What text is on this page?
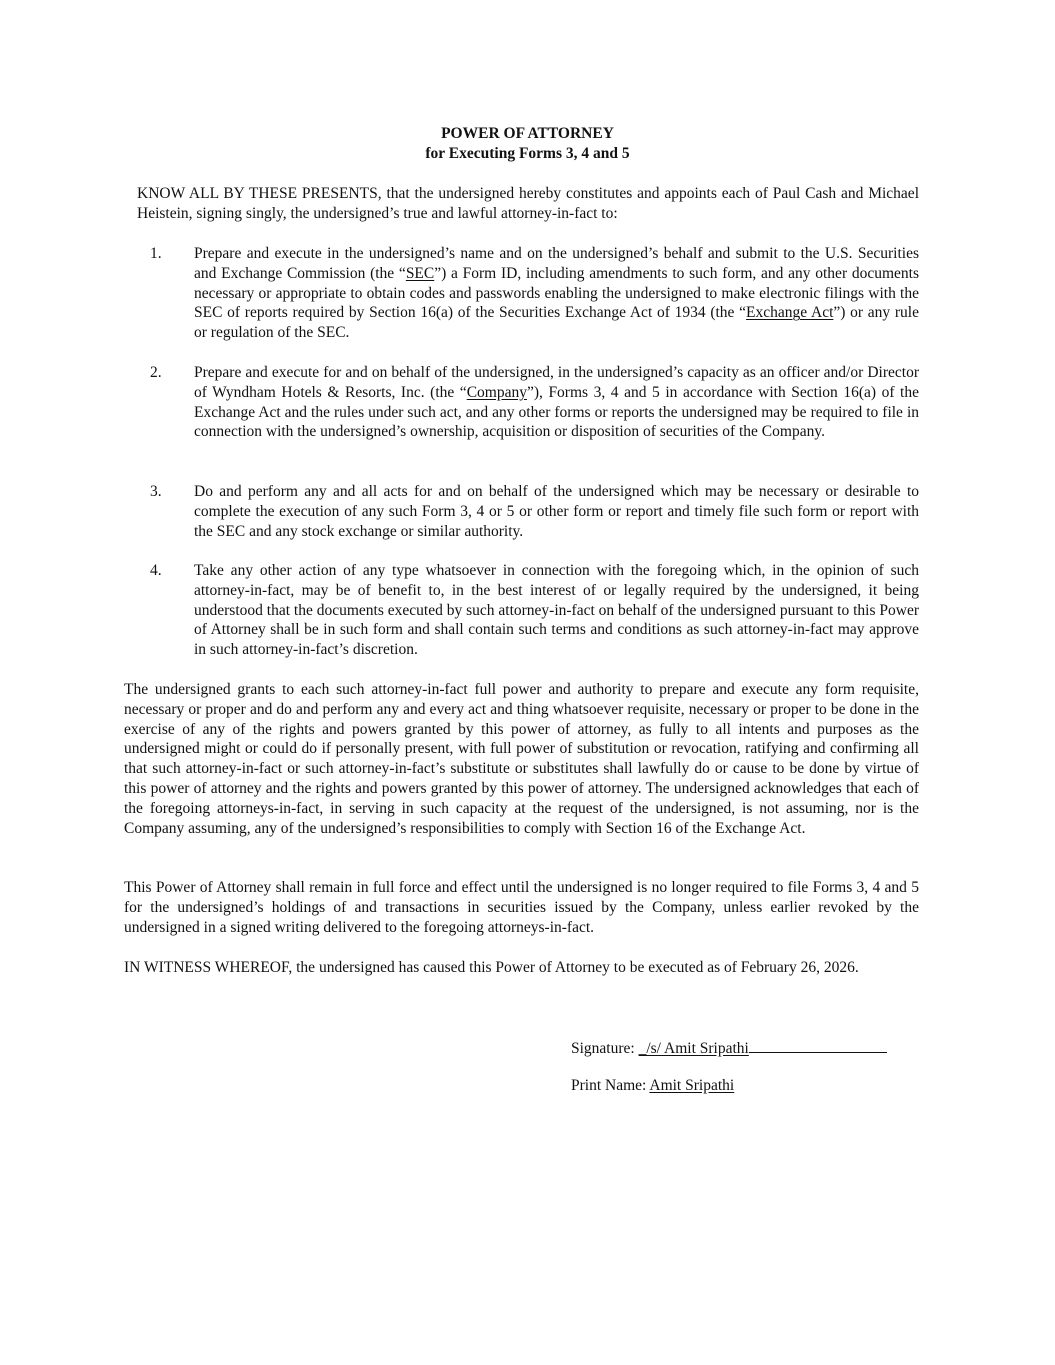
POWER OF ATTORNEY
for Executing Forms 3, 4 and 5

KNOW ALL BY THESE PRESENTS, that the undersigned hereby constitutes and appoints each of Paul Cash and Michael Heistein, signing singly, the undersigned’s true and lawful attorney-in-fact to:

1. Prepare and execute in the undersigned’s name and on the undersigned’s behalf and submit to the U.S. Securities and Exchange Commission (the “SEC”) a Form ID, including amendments to such form, and any other documents necessary or appropriate to obtain codes and passwords enabling the undersigned to make electronic filings with the SEC of reports required by Section 16(a) of the Securities Exchange Act of 1934 (the “Exchange Act”) or any rule or regulation of the SEC.

2. Prepare and execute for and on behalf of the undersigned, in the undersigned’s capacity as an officer and/or Director of Wyndham Hotels & Resorts, Inc. (the “Company”), Forms 3, 4 and 5 in accordance with Section 16(a) of the Exchange Act and the rules under such act, and any other forms or reports the undersigned may be required to file in connection with the undersigned’s ownership, acquisition or disposition of securities of the Company.

3. Do and perform any and all acts for and on behalf of the undersigned which may be necessary or desirable to complete the execution of any such Form 3, 4 or 5 or other form or report and timely file such form or report with the SEC and any stock exchange or similar authority.

4. Take any other action of any type whatsoever in connection with the foregoing which, in the opinion of such attorney-in-fact, may be of benefit to, in the best interest of or legally required by the undersigned, it being understood that the documents executed by such attorney-in-fact on behalf of the undersigned pursuant to this Power of Attorney shall be in such form and shall contain such terms and conditions as such attorney-in-fact may approve in such attorney-in-fact’s discretion.

The undersigned grants to each such attorney-in-fact full power and authority to prepare and execute any form requisite, necessary or proper and do and perform any and every act and thing whatsoever requisite, necessary or proper to be done in the exercise of any of the rights and powers granted by this power of attorney, as fully to all intents and purposes as the undersigned might or could do if personally present, with full power of substitution or revocation, ratifying and confirming all that such attorney-in-fact or such attorney-in-fact’s substitute or substitutes shall lawfully do or cause to be done by virtue of this power of attorney and the rights and powers granted by this power of attorney. The undersigned acknowledges that each of the foregoing attorneys-in-fact, in serving in such capacity at the request of the undersigned, is not assuming, nor is the Company assuming, any of the undersigned’s responsibilities to comply with Section 16 of the Exchange Act.

This Power of Attorney shall remain in full force and effect until the undersigned is no longer required to file Forms 3, 4 and 5 for the undersigned’s holdings of and transactions in securities issued by the Company, unless earlier revoked by the undersigned in a signed writing delivered to the foregoing attorneys-in-fact.

IN WITNESS WHEREOF, the undersigned has caused this Power of Attorney to be executed as of February 26, 2026.

Signature: _/s/ Amit Sripathi
Print Name: Amit Sripathi
